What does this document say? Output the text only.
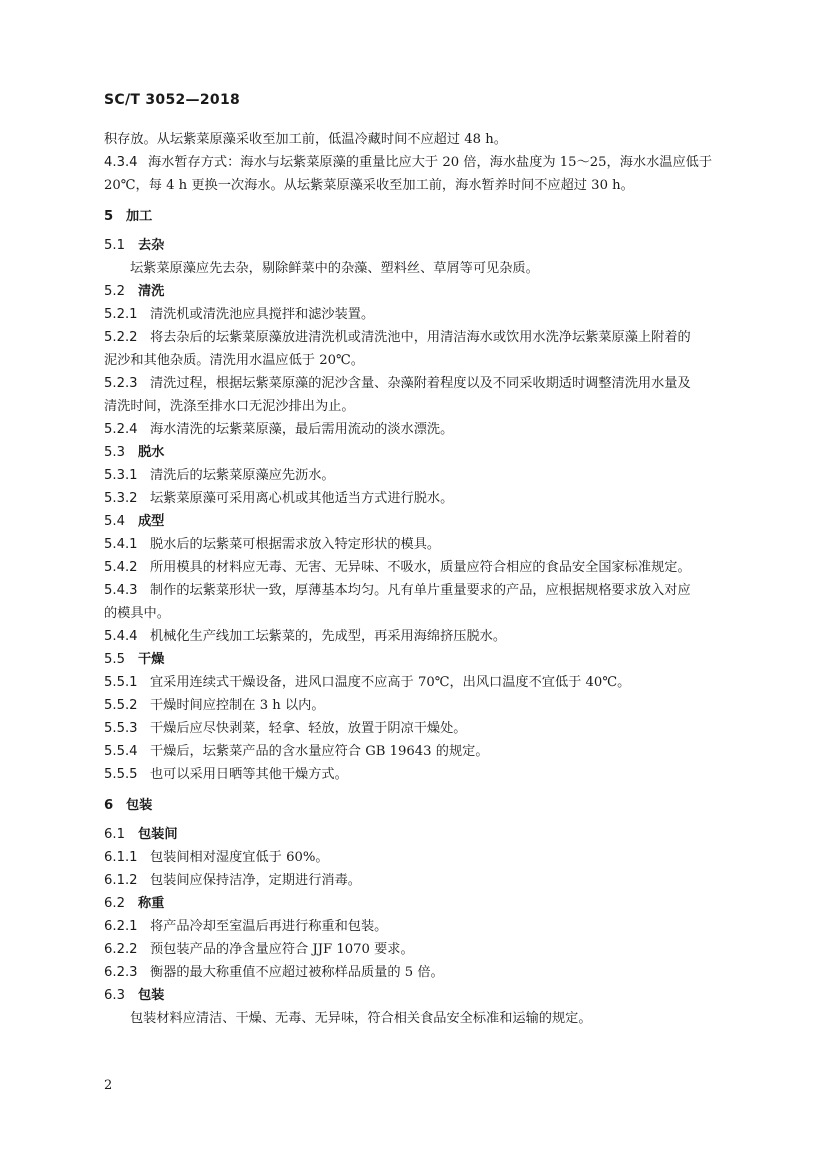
SC/T 3052—2018
积存放。从坛紫菜原藻采收至加工前，低温冷藏时间不应超过 48 h。
4.3.4 海水暂存方式：海水与坛紫菜原藻的重量比应大于 20 倍，海水盐度为 15～25，海水水温应低于
20℃，每 4 h 更换一次海水。从坛紫菜原藻采收至加工前，海水暂养时间不应超过 30 h。
5 加工
5.1 去杂
坛紫菜原藻应先去杂，剔除鲜菜中的杂藻、塑料丝、草屑等可见杂质。
5.2 清洗
5.2.1 清洗机或清洗池应具搅拌和滤沙装置。
5.2.2 将去杂后的坛紫菜原藻放进清洗机或清洗池中，用清洁海水或饮用水洗净坛紫菜原藻上附着的
泥沙和其他杂质。清洗用水温应低于 20℃。
5.2.3 清洗过程，根据坛紫菜原藻的泥沙含量、杂藻附着程度以及不同采收期适时调整清洗用水量及
清洗时间，洗涤至排水口无泥沙排出为止。
5.2.4 海水清洗的坛紫菜原藻，最后需用流动的淡水漂洗。
5.3 脱水
5.3.1 清洗后的坛紫菜原藻应先沥水。
5.3.2 坛紫菜原藻可采用离心机或其他适当方式进行脱水。
5.4 成型
5.4.1 脱水后的坛紫菜可根据需求放入特定形状的模具。
5.4.2 所用模具的材料应无毒、无害、无异味、不吸水，质量应符合相应的食品安全国家标准规定。
5.4.3 制作的坛紫菜形状一致，厚薄基本均匀。凡有单片重量要求的产品，应根据规格要求放入对应
的模具中。
5.4.4 机械化生产线加工坛紫菜的，先成型，再采用海绵挤压脱水。
5.5 干燥
5.5.1 宜采用连续式干燥设备，进风口温度不应高于 70℃，出风口温度不宜低于 40℃。
5.5.2 干燥时间应控制在 3 h 以内。
5.5.3 干燥后应尽快剥菜，轻拿、轻放，放置于阴凉干燥处。
5.5.4 干燥后，坛紫菜产品的含水量应符合 GB 19643 的规定。
5.5.5 也可以采用日晒等其他干燥方式。
6 包装
6.1 包装间
6.1.1 包装间相对湿度宜低于 60%。
6.1.2 包装间应保持洁净，定期进行消毒。
6.2 称重
6.2.1 将产品冷却至室温后再进行称重和包装。
6.2.2 预包装产品的净含量应符合 JJF 1070 要求。
6.2.3 衡器的最大称重值不应超过被称样品质量的 5 倍。
6.3 包装
包装材料应清洁、干燥、无毒、无异味，符合相关食品安全标准和运输的规定。
2
